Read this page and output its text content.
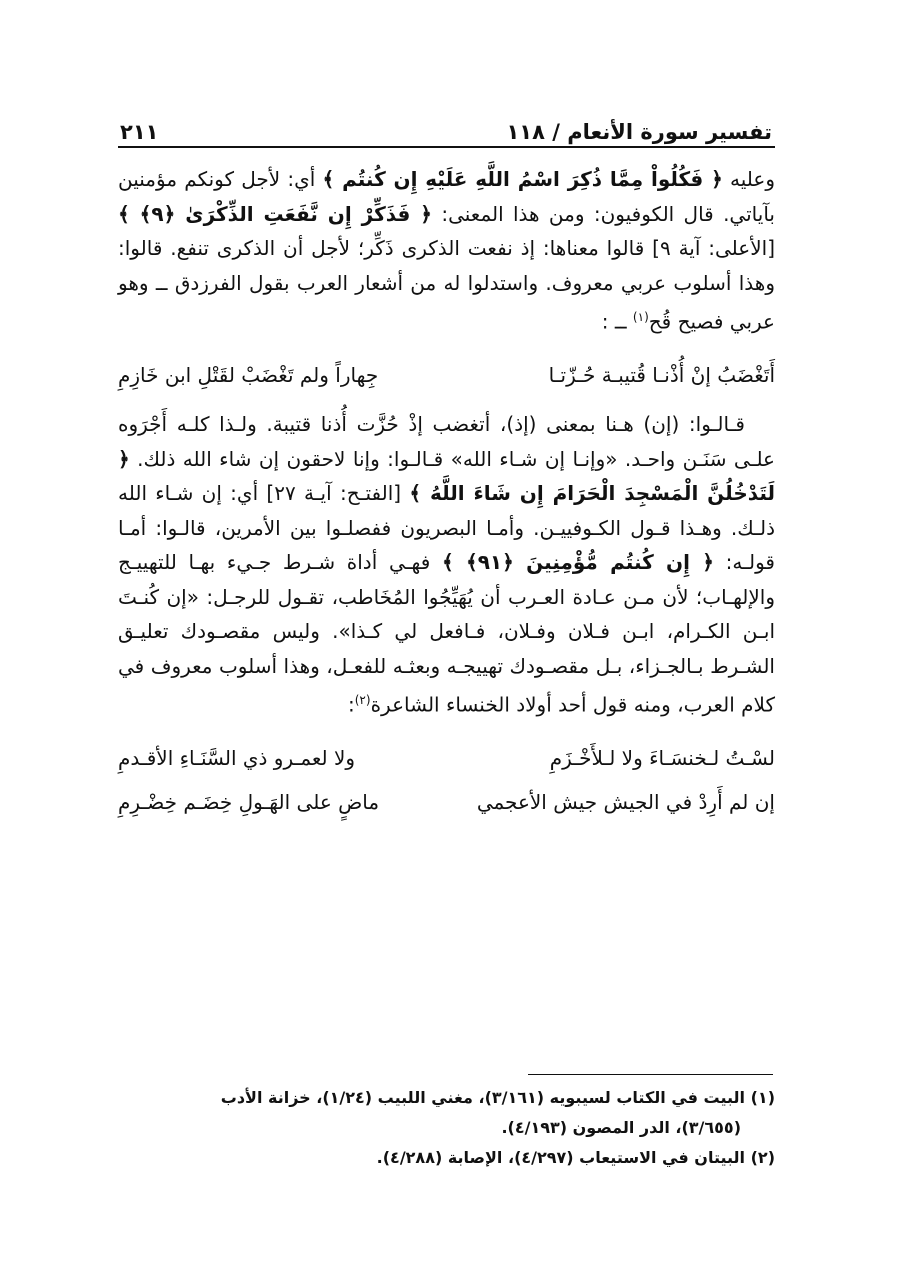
تفسير سورة الأنعام / ١١٨
٢١١

وعليه ﴿ فَكُلُواْ مِمَّا ذُكِرَ اسْمُ اللَّهِ عَلَيْهِ إِن كُنتُم ﴾ أي: لأجل كونكم مؤمنين بآياتي. قال الكوفيون: ومن هذا المعنى: ﴿ فَذَكِّرْ إِن نَّفَعَتِ الذِّكْرَىٰ ﴿٩﴾ ﴾ [الأعلى: آية ٩] قالوا معناها: إذ نفعت الذكرى ذَكِّر؛ لأجل أن الذكرى تنفع. قالوا: وهذا أسلوب عربي معروف. واستدلوا له من أشعار العرب بقول الفرزدق ــ وهو عربي فصيح قُح$^{(١)}$ ــ :

أَتَغْضَبُ إنْ أُذْنـا قُتيبـة حُـزّتـا
جِهاراً ولم تَغْضَبْ لقَتْلِ ابن خَازِمِ

قـالـوا: (إن) هـنا بمعنى (إذ)، أتغضب إذْ حُزَّت أُذنا قتيبة. ولـذا كلـه أَجْرَوه علـى سَنَـن واحـد. «وإنـا إن شـاء الله» قـالـوا: وإنا لاحقون إن شاء الله ذلك. ﴿ لَتَدْخُلُنَّ الْمَسْجِدَ الْحَرَامَ إِن شَاءَ اللَّهُ ﴾ [الفتـح: آيـة ٢٧] أي: إن شـاء الله ذلـك. وهـذا قـول الكـوفييـن. وأمـا البصريون ففصلـوا بين الأمرين، قالـوا: أمـا قولـه: ﴿ إِن كُنتُم مُّؤْمِنِينَ ﴿٩١﴾ ﴾ فهـي أداة شـرط جـيء بهـا للتهييـج والإلهـاب؛ لأن مـن عـادة العـرب أن يُهَيِّجُوا المُخَاطب، تقـول للرجـل: «إن كُنـتَ ابـن الكـرام، ابـن فـلان وفـلان، فـافعل لي كـذا». وليس مقصـودك تعليـق الشـرط بـالجـزاء، بـل مقصـودك تهييجـه وبعثـه للفعـل، وهذا أسلوب معروف في كلام العرب، ومنه قول أحد أولاد الخنساء الشاعرة$^{(٢)}$:

لسْـتُ لـخنسَـاءَ ولا لـلأَخْـزَمِ
ولا لعمـرو ذي السَّنَـاءِ الأقـدمِ
إن لم أَرِدْ في الجيش جيش الأعجمي
ماضٍ على الهَـولِ خِضَـم خِضْـرِمِ

(١) البيت في الكتاب لسيبويه (٣/١٦١)، مغني اللبيب (١/٢٤)، خزانة الأدب

(٣/٦٥٥)، الدر المصون (٤/١٩٣).

(٢) البيتان في الاستيعاب (٤/٢٩٧)، الإصابة (٤/٢٨٨).
